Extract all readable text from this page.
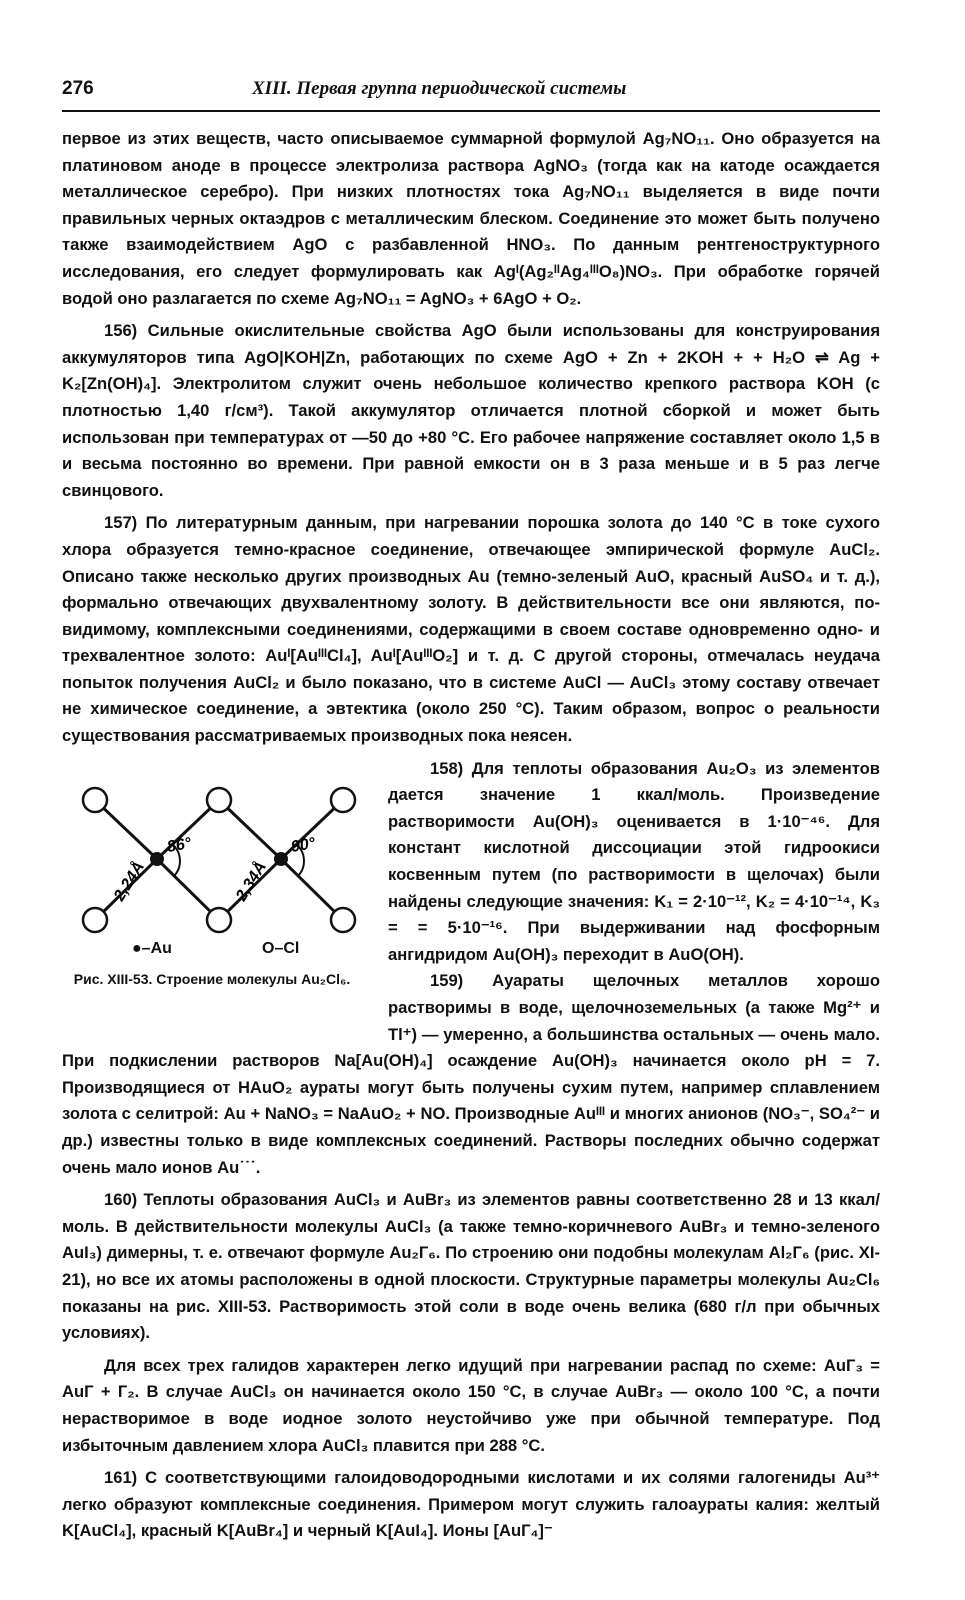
276	XIII. Первая группа периодической системы

первое из этих веществ, часто описываемое суммарной формулой Ag₇NO₁₁. Оно образуется на платиновом аноде в процессе электролиза раствора AgNO₃ (тогда как на катоде осаждается металлическое серебро). При низких плотностях тока Ag₇NO₁₁ выделяется в виде почти правильных черных октаэдров с металлическим блеском. Соединение это может быть получено также взаимодействием AgO с разбавленной HNO₃. По данным рентгеноструктурного исследования, его следует формулировать как Agᴵ(Ag₂ᴵᴵAg₄ᴵᴵᴵO₈)NO₃. При обработке горячей водой оно разлагается по схеме Ag₇NO₁₁ = AgNO₃ + 6AgO + O₂.

156) Сильные окислительные свойства AgO были использованы для конструирования аккумуляторов типа AgO|KOH|Zn, работающих по схеме AgO + Zn + 2KOH + + H₂O ⇌ Ag + K₂[Zn(OH)₄]. Электролитом служит очень небольшое количество крепкого раствора KOH (с плотностью 1,40 г/см³). Такой аккумулятор отличается плотной сборкой и может быть использован при температурах от —50 до +80 °C. Его рабочее напряжение составляет около 1,5 в и весьма постоянно во времени. При равной емкости он в 3 раза меньше и в 5 раз легче свинцового.

157) По литературным данным, при нагревании порошка золота до 140 °C в токе сухого хлора образуется темно-красное соединение, отвечающее эмпирической формуле AuCl₂. Описано также несколько других производных Au (темно-зеленый AuO, красный AuSO₄ и т. д.), формально отвечающих двухвалентному золоту. В действительности все они являются, по-видимому, комплексными соединениями, содержащими в своем составе одновременно одно- и трехвалентное золото: Auᴵ[AuᴵᴵᴵCl₄], Auᴵ[AuᴵᴵᴵO₂] и т. д. С другой стороны, отмечалась неудача попыток получения AuCl₂ и было показано, что в системе AuCl — AuCl₃ этому составу отвечает не химическое соединение, а эвтектика (около 250 °C). Таким образом, вопрос о реальности существования рассматриваемых производных пока неясен.

2,24Å	2,34Å
86°	90°
●–Au	O–Cl
Рис. XIII-53. Строение молекулы Au₂Cl₆.

158) Для теплоты образования Au₂O₃ из элементов дается значение 1 ккал/моль. Произведение растворимости Au(OH)₃ оценивается в 1·10⁻⁴⁶. Для констант кислотной диссоциации этой гидроокиси косвенным путем (по растворимости в щелочах) были найдены следующие значения: K₁ = 2·10⁻¹², K₂ = 4·10⁻¹⁴, K₃ = = 5·10⁻¹⁶. При выдерживании над фосфорным ангидридом Au(OH)₃ переходит в AuO(OH).

159) Ауараты щелочных металлов хорошо растворимы в воде, щелочноземельных (а также Mg²⁺ и Tl⁺) — умеренно, а большинства остальных — очень мало. При подкислении растворов Na[Au(OH)₄] осаждение Au(OH)₃ начинается около pH = 7. Производящиеся от HAuO₂ аураты могут быть получены сухим путем, например сплавлением золота с селитрой: Au + NaNO₃ = NaAuO₂ + NO. Производные Auᴵᴵᴵ и многих анионов (NO₃⁻, SO₄²⁻ и др.) известны только в виде комплексных соединений. Растворы последних обычно содержат очень мало ионов Au˙˙˙.

160) Теплоты образования AuCl₃ и AuBr₃ из элементов равны соответственно 28 и 13 ккал/моль. В действительности молекулы AuCl₃ (а также темно-коричневого AuBr₃ и темно-зеленого AuI₃) димерны, т. е. отвечают формуле Au₂Г₆. По строению они подобны молекулам Al₂Г₆ (рис. XI-21), но все их атомы расположены в одной плоскости. Структурные параметры молекулы Au₂Cl₆ показаны на рис. XIII-53. Растворимость этой соли в воде очень велика (680 г/л при обычных условиях).

Для всех трех галидов характерен легко идущий при нагревании распад по схеме: AuГ₃ = AuГ + Г₂. В случае AuCl₃ он начинается около 150 °C, в случае AuBr₃ — около 100 °C, а почти нерастворимое в воде иодное золото неустойчиво уже при обычной температуре. Под избыточным давлением хлора AuCl₃ плавится при 288 °C.

161) С соответствующими галоидоводородными кислотами и их солями галогениды Au³⁺ легко образуют комплексные соединения. Примером могут служить галоаураты калия: желтый K[AuCl₄], красный K[AuBr₄] и черный K[AuI₄]. Ионы [AuГ₄]⁻
